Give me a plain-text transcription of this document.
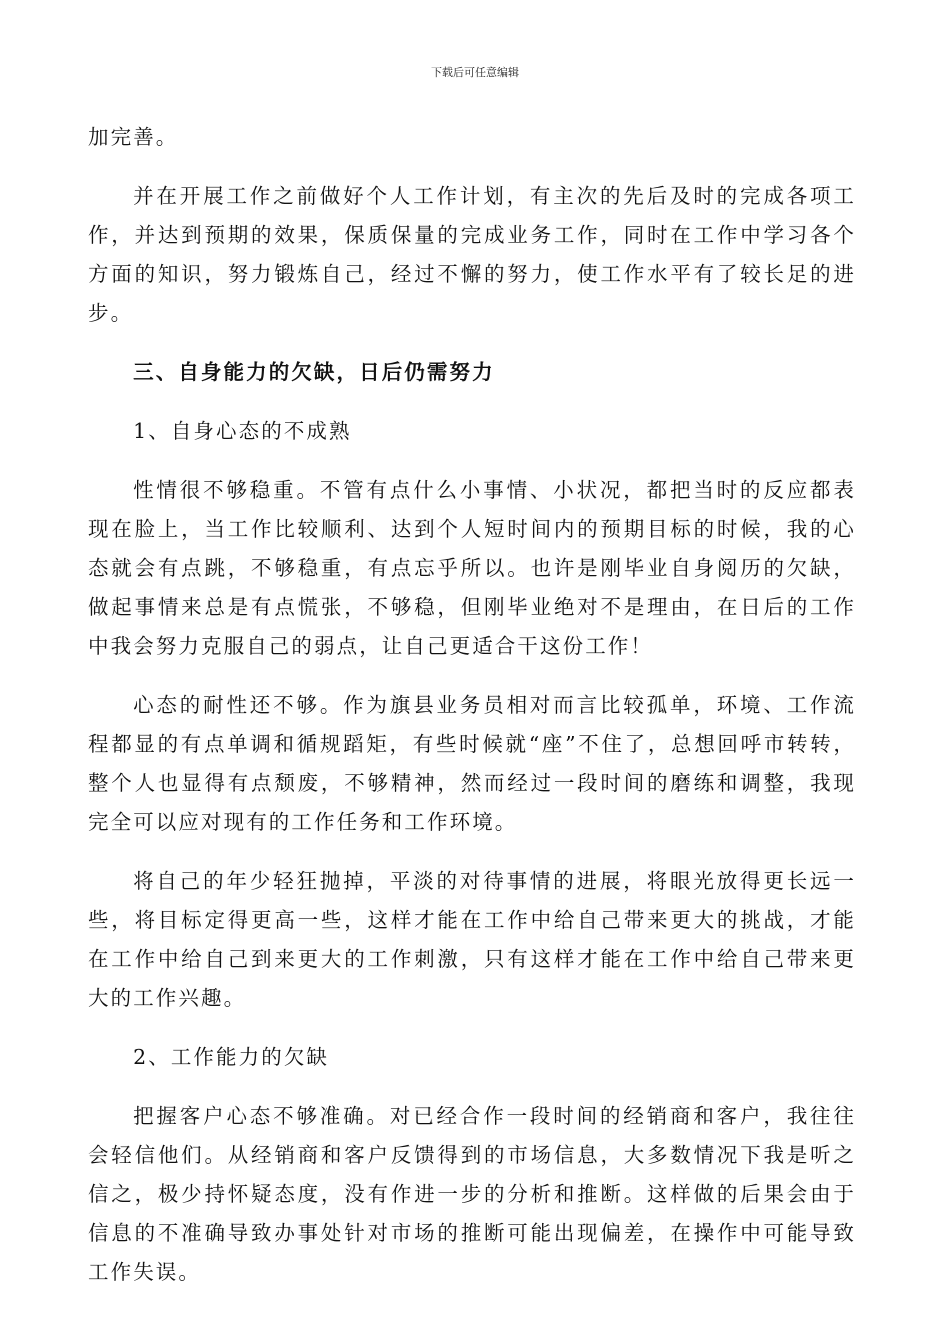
下载后可任意编辑

加完善。

并在开展工作之前做好个人工作计划，有主次的先后及时的完成各项工作，并达到预期的效果，保质保量的完成业务工作，同时在工作中学习各个方面的知识，努力锻炼自己，经过不懈的努力，使工作水平有了较长足的进步。

三、自身能力的欠缺，日后仍需努力

1、自身心态的不成熟

性情很不够稳重。不管有点什么小事情、小状况，都把当时的反应都表现在脸上，当工作比较顺利、达到个人短时间内的预期目标的时候，我的心态就会有点跳，不够稳重，有点忘乎所以。也许是刚毕业自身阅历的欠缺，做起事情来总是有点慌张，不够稳，但刚毕业绝对不是理由，在日后的工作中我会努力克服自己的弱点，让自己更适合干这份工作！

心态的耐性还不够。作为旗县业务员相对而言比较孤单，环境、工作流程都显的有点单调和循规蹈矩，有些时候就“座”不住了，总想回呼市转转，整个人也显得有点颓废，不够精神，然而经过一段时间的磨练和调整，我现完全可以应对现有的工作任务和工作环境。

将自己的年少轻狂抛掉，平淡的对待事情的进展，将眼光放得更长远一些，将目标定得更高一些，这样才能在工作中给自己带来更大的挑战，才能在工作中给自己到来更大的工作刺激，只有这样才能在工作中给自己带来更大的工作兴趣。

2、工作能力的欠缺

把握客户心态不够准确。对已经合作一段时间的经销商和客户，我往往会轻信他们。从经销商和客户反馈得到的市场信息，大多数情况下我是听之信之，极少持怀疑态度，没有作进一步的分析和推断。这样做的后果会由于信息的不准确导致办事处针对市场的推断可能出现偏差，在操作中可能导致工作失误。
